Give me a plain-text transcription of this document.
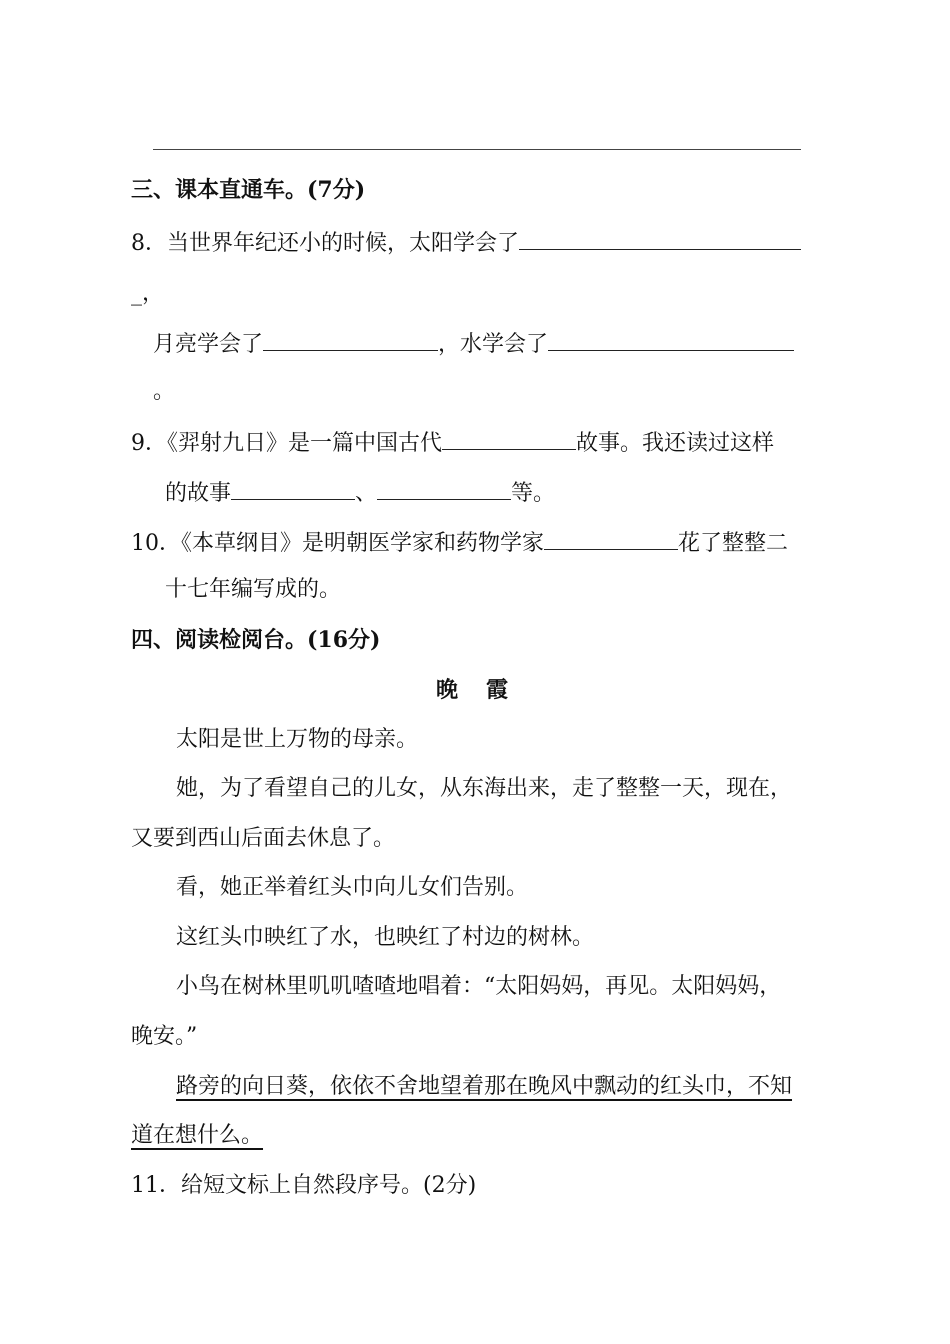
三、课本直通车。(7分)
8．当世界年纪还小的时候，太阳学会了
_，
月亮学会了	，水学会了
。
9．《羿射九日》是一篇中国古代	故事。我还读过这样
的故事	、	等。
10．《本草纲目》是明朝医学家和药物学家	花了整整二
十七年编写成的。
四、阅读检阅台。(16分)
晚霞
太阳是世上万物的母亲。
她，为了看望自己的儿女，从东海出来，走了整整一天，现在，
又要到西山后面去休息了。
看，她正举着红头巾向儿女们告别。
这红头巾映红了水，也映红了村边的树林。
小鸟在树林里叽叽喳喳地唱着：“太阳妈妈，再见。太阳妈妈，
晚安。”
路旁的向日葵，依依不舍地望着那在晚风中飘动的红头巾，不知
道在想什么。
11．给短文标上自然段序号。(2分)
